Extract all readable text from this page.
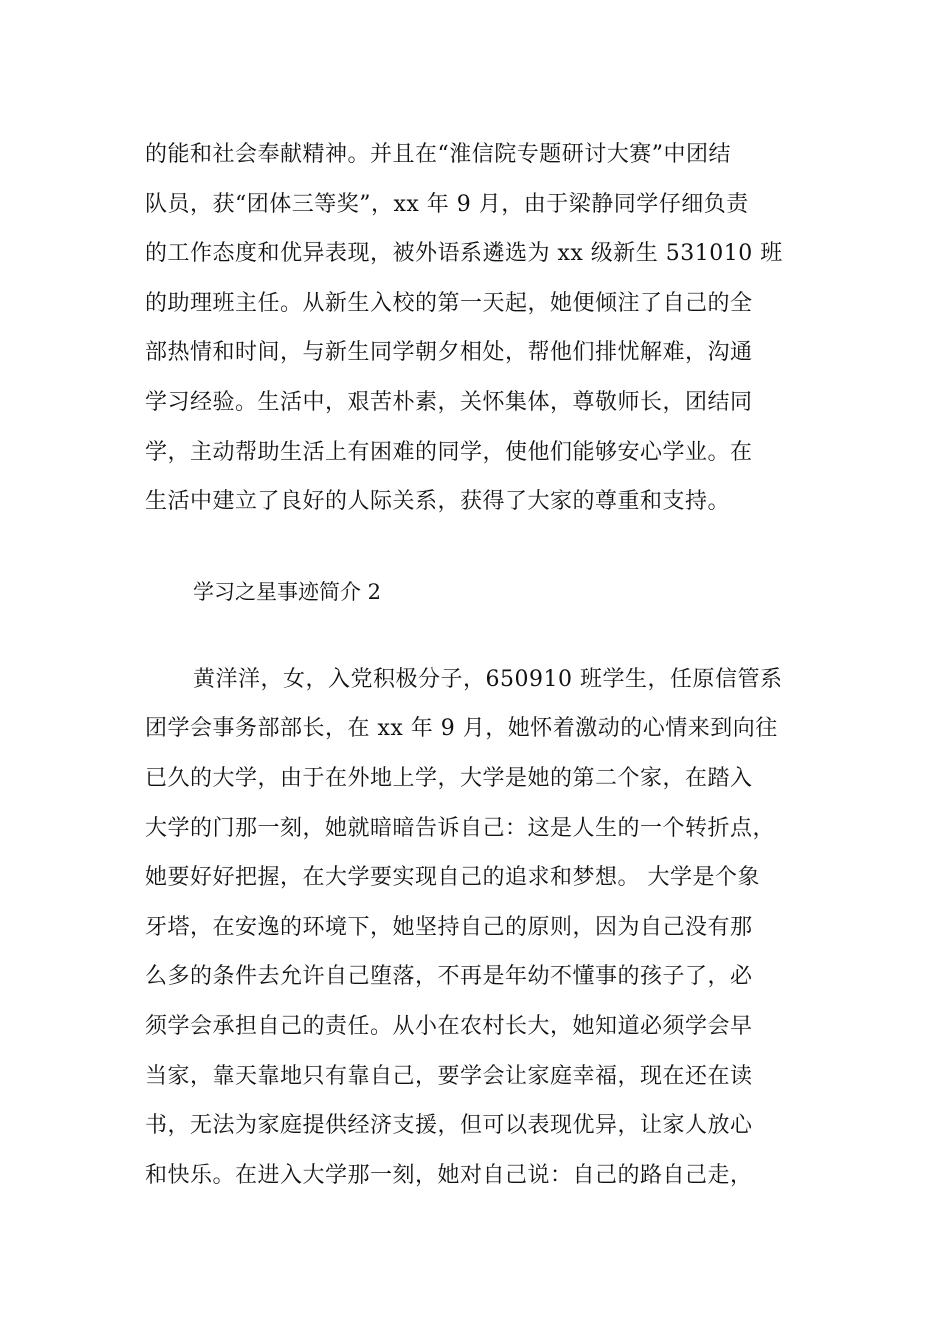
的能和社会奉献精神。并且在“淮信院专题研讨大赛”中团结
队员，获“团体三等奖”，xx 年 9 月，由于梁静同学仔细负责
的工作态度和优异表现，被外语系遴选为 xx 级新生 531010 班
的助理班主任。从新生入校的第一天起，她便倾注了自己的全
部热情和时间，与新生同学朝夕相处，帮他们排忧解难，沟通
学习经验。生活中，艰苦朴素，关怀集体，尊敬师长，团结同
学，主动帮助生活上有困难的同学，使他们能够安心学业。在
生活中建立了良好的人际关系，获得了大家的尊重和支持。
学习之星事迹简介 2
黄洋洋，女，入党积极分子，650910 班学生，任原信管系
团学会事务部部长，在 xx 年 9 月，她怀着激动的心情来到向往
已久的大学，由于在外地上学，大学是她的第二个家，在踏入
大学的门那一刻，她就暗暗告诉自己：这是人生的一个转折点，
她要好好把握，在大学要实现自己的追求和梦想。 大学是个象
牙塔，在安逸的环境下，她坚持自己的原则，因为自己没有那
么多的条件去允许自己堕落，不再是年幼不懂事的孩子了，必
须学会承担自己的责任。从小在农村长大，她知道必须学会早
当家，靠天靠地只有靠自己，要学会让家庭幸福，现在还在读
书，无法为家庭提供经济支援，但可以表现优异，让家人放心
和快乐。在进入大学那一刻，她对自己说：自己的路自己走，
